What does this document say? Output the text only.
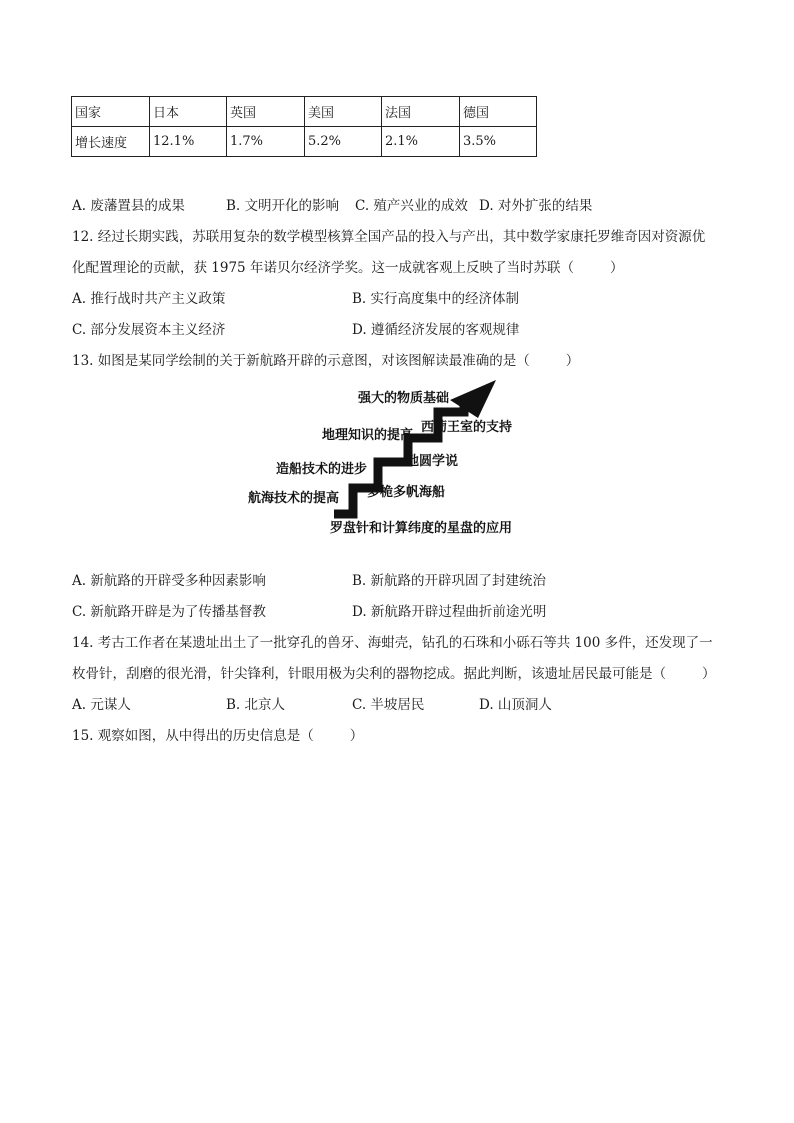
国家	日本	英国	美国	法国	德国
增长速度	12.1%	1.7%	5.2%	2.1%	3.5%
A. 废藩置县的成果	B. 文明开化的影响 C. 殖产兴业的成效 D. 对外扩张的结果
12. 经过长期实践，苏联用复杂的数学模型核算全国产品的投入与产出，其中数学家康托罗维奇因对资源优
化配置理论的贡献，获 1975 年诺贝尔经济学奖。这一成就客观上反映了当时苏联（	）
A. 推行战时共产主义政策	B. 实行高度集中的经济体制
C. 部分发展资本主义经济	D. 遵循经济发展的客观规律
13. 如图是某同学绘制的关于新航路开辟的示意图，对该图解读最准确的是（	）
强大的物质基础
地理知识的提高
造船技术的进步
航海技术的提高
西葡王室的支持
地圆学说
多桅多帆海船
罗盘针和计算纬度的星盘的应用
A. 新航路的开辟受多种因素影响	B. 新航路的开辟巩固了封建统治
C. 新航路开辟是为了传播基督教	D. 新航路开辟过程曲折前途光明
14. 考古工作者在某遗址出土了一批穿孔的兽牙、海蚶壳，钻孔的石珠和小砾石等共 100 多件，还发现了一
枚骨针，刮磨的很光滑，针尖锋利，针眼用极为尖利的器物挖成。据此判断，该遗址居民最可能是（	）
A. 元谋人	B. 北京人	C. 半坡居民	D. 山顶洞人
15. 观察如图，从中得出的历史信息是（	）
